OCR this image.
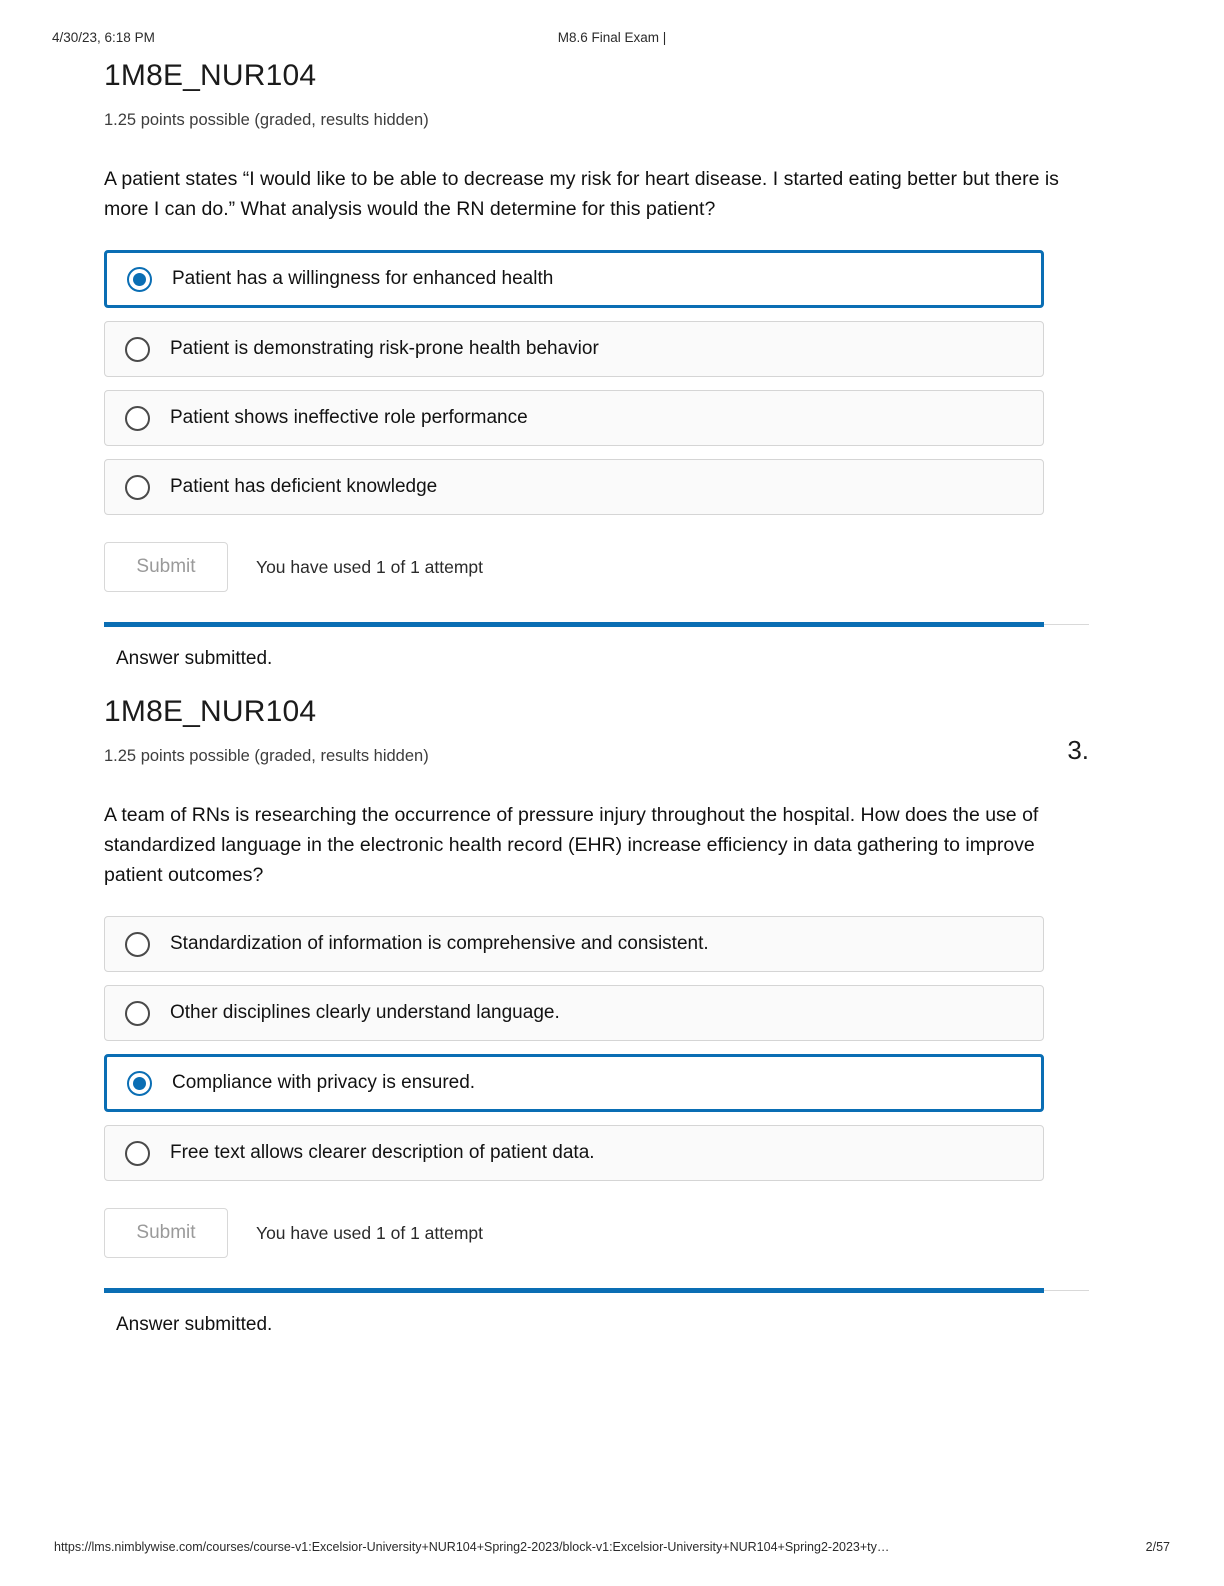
4/30/23, 6:18 PM	M8.6 Final Exam |
1M8E_NUR104
1.25 points possible (graded, results hidden)
A patient states “I would like to be able to decrease my risk for heart disease. I started eating better but there is more I can do.” What analysis would the RN determine for this patient?
Patient has a willingness for enhanced health
Patient is demonstrating risk-prone health behavior
Patient shows ineffective role performance
Patient has deficient knowledge
Submit	You have used 1 of 1 attempt
Answer submitted.
1M8E_NUR104
1.25 points possible (graded, results hidden)
A team of RNs is researching the occurrence of pressure injury throughout the hospital. How does the use of standardized language in the electronic health record (EHR) increase efficiency in data gathering to improve patient outcomes?
Standardization of information is comprehensive and consistent.
Other disciplines clearly understand language.
Compliance with privacy is ensured.
Free text allows clearer description of patient data.
Submit	You have used 1 of 1 attempt
Answer submitted.
3.
https://lms.nimblywise.com/courses/course-v1:Excelsior-University+NUR104+Spring2-2023/block-v1:Excelsior-University+NUR104+Spring2-2023+ty…	2/57
